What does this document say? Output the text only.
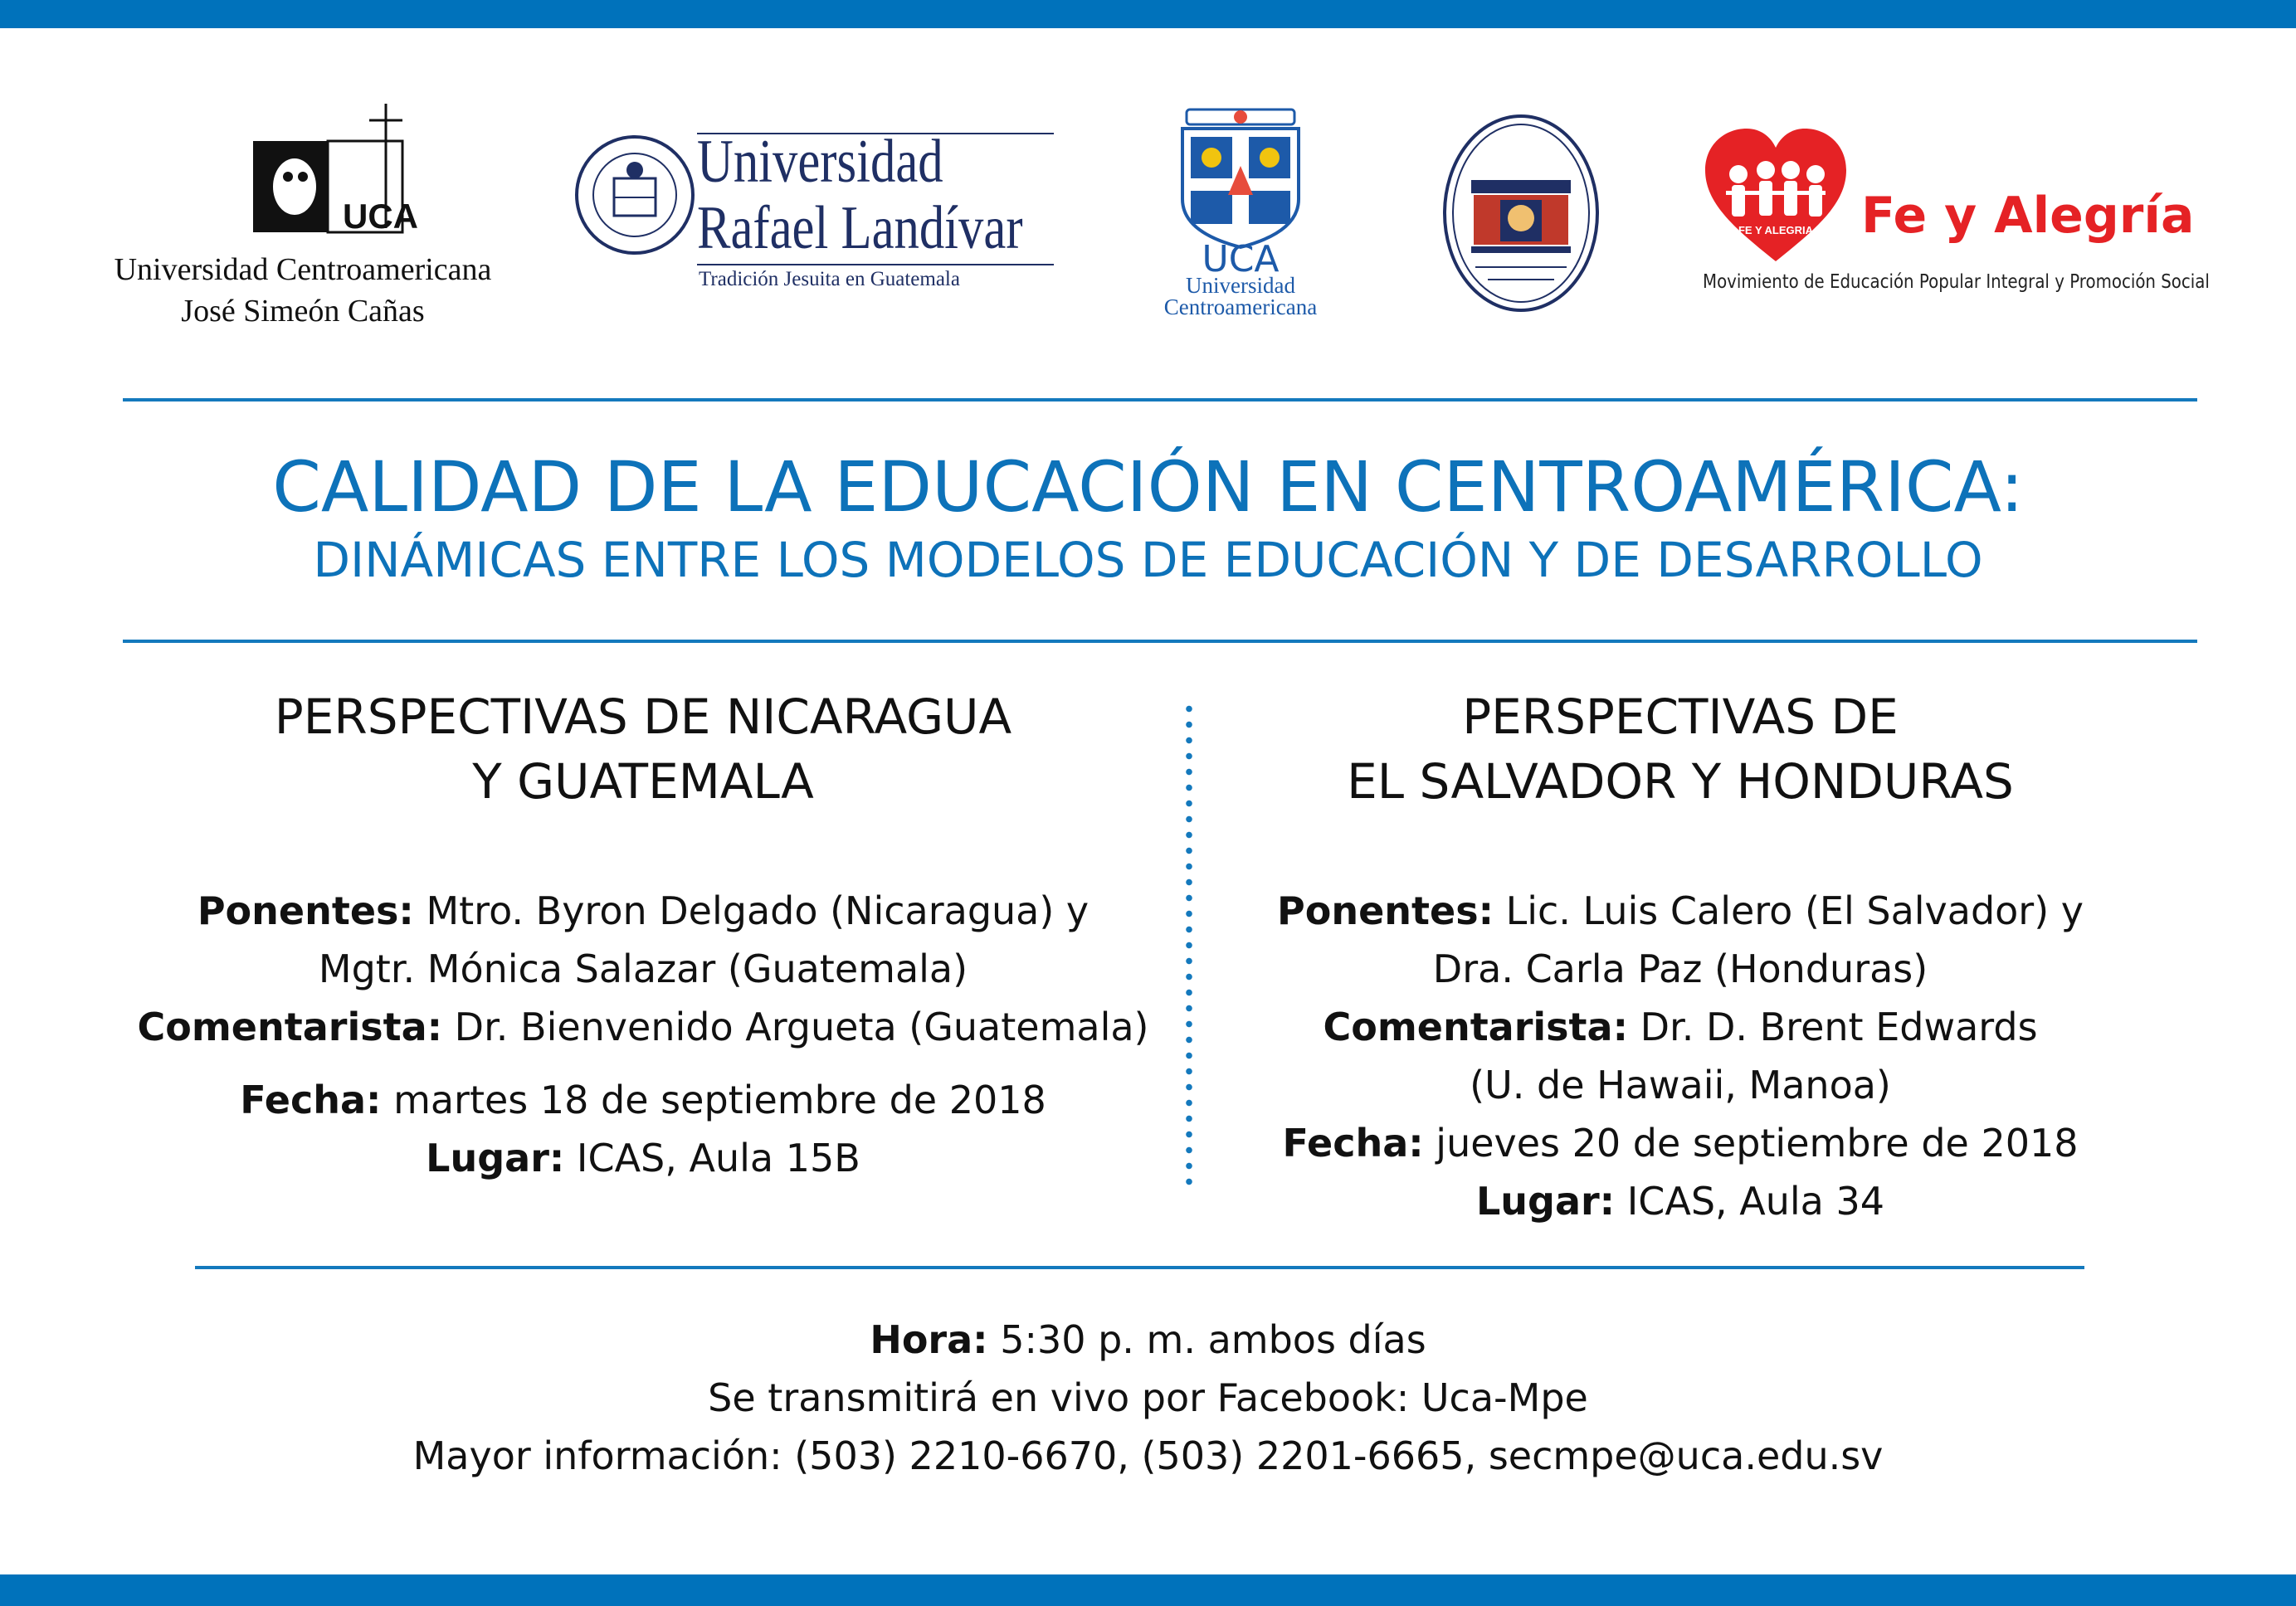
UCA
Universidad Centroamericana
José Simeón Cañas
Universidad
Rafael Landívar
Tradición Jesuita en Guatemala	UCA
Universidad
Centroamericana
FE Y ALEGRIA Fe y Alegría
Movimiento de Educación Popular Integral y Promoción Social
CALIDAD DE LA EDUCACIÓN EN CENTROAMÉRICA:
DINÁMICAS ENTRE LOS MODELOS DE EDUCACIÓN Y DE DESARROLLO
PERSPECTIVAS DE NICARAGUA
Y GUATEMALA
Ponentes: Mtro. Byron Delgado (Nicaragua) y
Mgtr. Mónica Salazar (Guatemala)
Comentarista: Dr. Bienvenido Argueta (Guatemala)
Fecha: martes 18 de septiembre de 2018
Lugar: ICAS, Aula 15B
PERSPECTIVAS DE
EL SALVADOR Y HONDURAS
Ponentes: Lic. Luis Calero (El Salvador) y
Dra. Carla Paz (Honduras)
Comentarista: Dr. D. Brent Edwards
(U. de Hawaii, Manoa)
Fecha: jueves 20 de septiembre de 2018
Lugar: ICAS, Aula 34
Hora: 5:30 p. m. ambos días
Se transmitirá en vivo por Facebook: Uca-Mpe
Mayor información: (503) 2210-6670, (503) 2201-6665, secmpe@uca.edu.sv
